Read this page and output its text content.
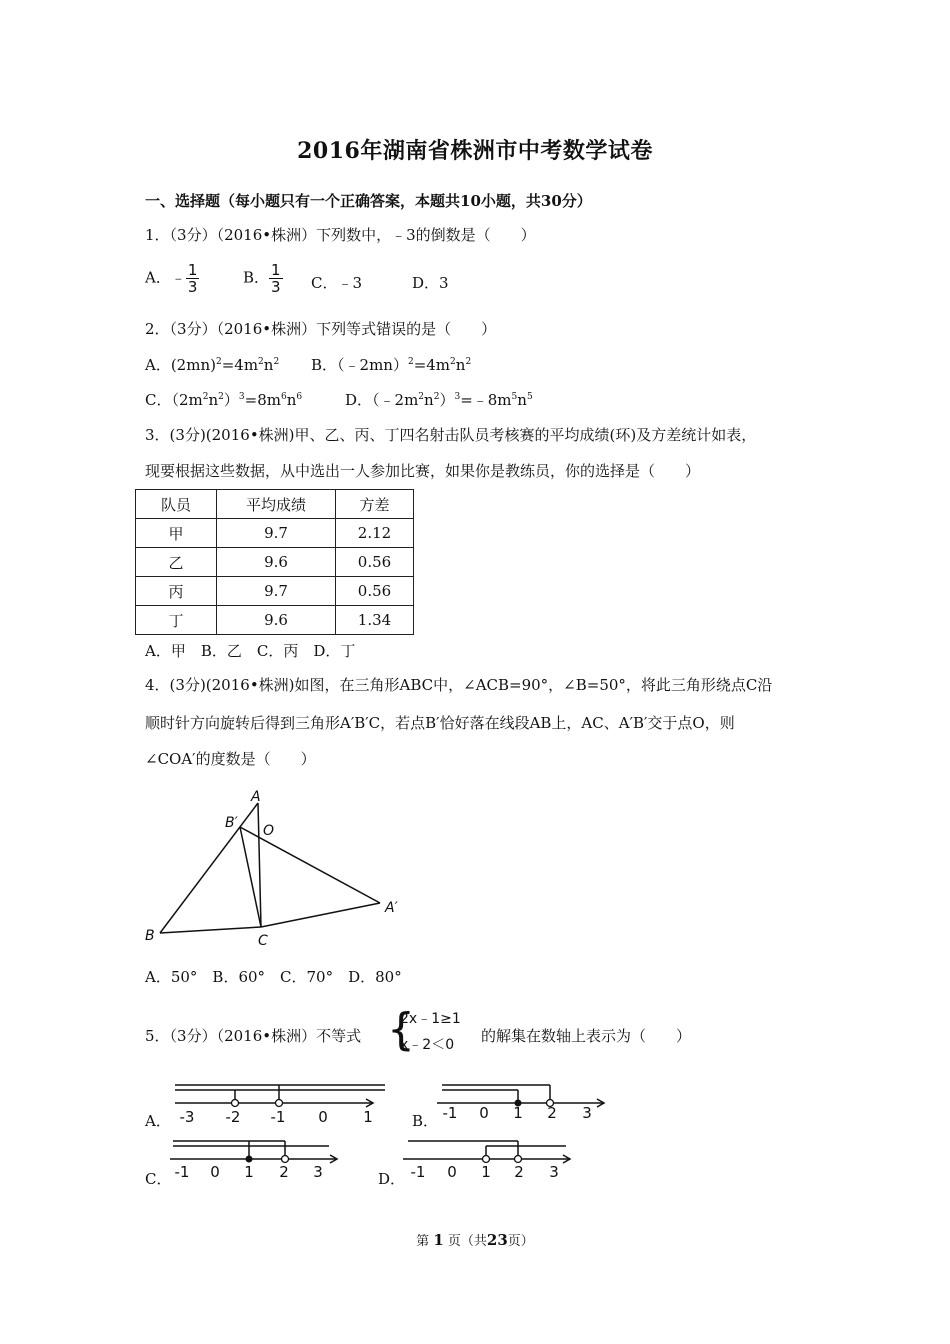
2016年湖南省株洲市中考数学试卷
一、选择题（每小题只有一个正确答案，本题共10小题，共30分）
1．（3分）（2016•株洲）下列数中，﹣3的倒数是（　　）
A．﹣ $\frac{1}{3}$	B． $\frac{1}{3}$ C．﹣3	D．3
2．（3分）（2016•株洲）下列等式错误的是（　　）
A．$(2mn)^2=4m^2n^2$ B．$(﹣2mn)^2=4m^2n^2$
C．$(2m^2n^2)^3=8m^6n^6$	D．$(﹣2m^2n^2)^3=﹣8m^5n^5$
3．(3分)(2016•株洲)甲、乙、丙、丁四名射击队员考核赛的平均成绩(环)及方差统计如表，
现要根据这些数据，从中选出一人参加比赛，如果你是教练员，你的选择是（　　）
队员	平均成绩	方差
甲	9.7	2.12
乙	9.6	0.56
丙	9.7	0.56
丁	9.6	1.34
A．甲　B．乙　C．丙　D．丁
4．(3分)(2016•株洲)如图，在三角形ABC中，∠ACB=90°，∠B=50°，将此三角形绕点C沿
顺时针方向旋转后得到三角形A′B′C，若点B′恰好落在线段AB上，AC、A′B′交于点O，则
∠COA′的度数是（　　）
A
B′ O
A′
B	C
A．50°　B．60°　C．70°　D．80°
5．（3分）（2016•株洲）不等式 {
2x﹣1≥1
x﹣2＜0	的解集在数轴上表示为（　　）
A． -3 -2 -1 0 1	B． -1 0 1 2 3
C． -1 0 1 2 3	D． -1 0 1 2 3
第 1 页（共23页）
